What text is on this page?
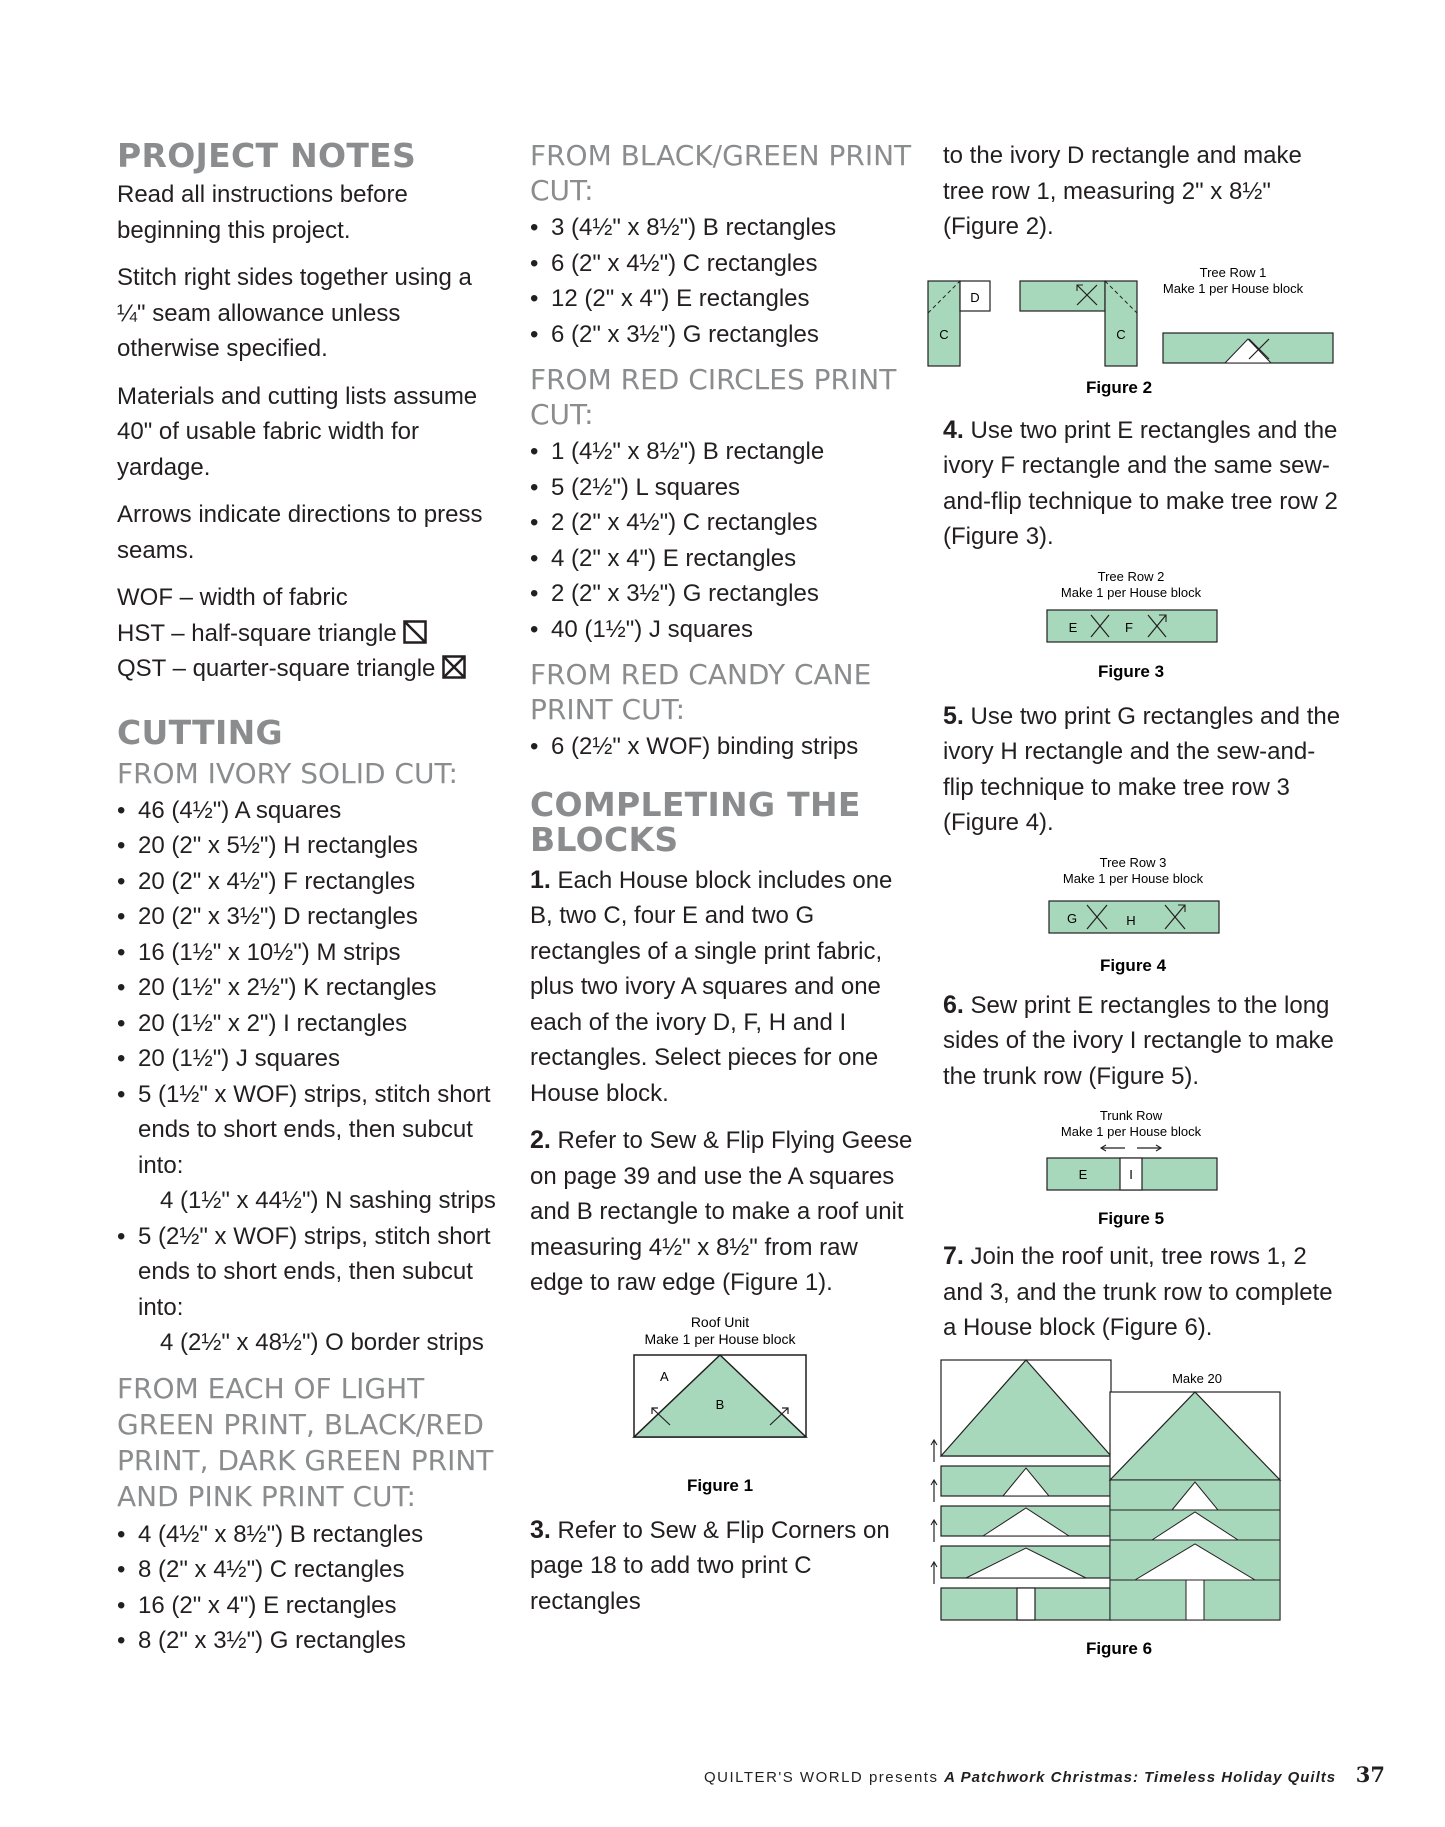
PROJECT NOTES

Read all instructions before beginning this project.

Stitch right sides together using a ¼" seam allowance unless otherwise specified.

Materials and cutting lists assume 40" of usable fabric width for yardage.

Arrows indicate directions to press seams.

WOF – width of fabric
HST – half-square triangle
QST – quarter-square triangle

CUTTING
FROM IVORY SOLID CUT:
• 46 (4½") A squares
• 20 (2" x 5½") H rectangles
• 20 (2" x 4½") F rectangles
• 20 (2" x 3½") D rectangles
• 16 (1½" x 10½") M strips
• 20 (1½" x 2½") K rectangles
• 20 (1½" x 2") I rectangles
• 20 (1½") J squares
• 5 (1½" x WOF) strips, stitch short ends to short ends, then subcut into:
4 (1½" x 44½") N sashing strips
• 5 (2½" x WOF) strips, stitch short ends to short ends, then subcut into:
4 (2½" x 48½") O border strips
FROM EACH OF LIGHT GREEN PRINT, BLACK/RED PRINT, DARK GREEN PRINT AND PINK PRINT CUT:
• 4 (4½" x 8½") B rectangles
• 8 (2" x 4½") C rectangles
• 16 (2" x 4") E rectangles
• 8 (2" x 3½") G rectangles
FROM BLACK/GREEN PRINT CUT:
• 3 (4½" x 8½") B rectangles
• 6 (2" x 4½") C rectangles
• 12 (2" x 4") E rectangles
• 6 (2" x 3½") G rectangles
FROM RED CIRCLES PRINT CUT:
• 1 (4½" x 8½") B rectangle
• 5 (2½") L squares
• 2 (2" x 4½") C rectangles
• 4 (2" x 4") E rectangles
• 2 (2" x 3½") G rectangles
• 40 (1½") J squares
FROM RED CANDY CANE PRINT CUT:
• 6 (2½" x WOF) binding strips
COMPLETING THE BLOCKS
1. Each House block includes one B, two C, four E and two G rectangles of a single print fabric, plus two ivory A squares and one each of the ivory D, F, H and I rectangles. Select pieces for one House block.
2. Refer to Sew & Flip Flying Geese on page 39 and use the A squares and B rectangle to make a roof unit measuring 4½" x 8½" from raw edge to raw edge (Figure 1).
Roof Unit
Make 1 per House block
A
B
Figure 1
3. Refer to Sew & Flip Corners on page 18 to add two print C rectangles
to the ivory D rectangle and make tree row 1, measuring 2" x 8½" (Figure 2).
C
D
C
Tree Row 1
Make 1 per House block
Figure 2
4. Use two print E rectangles and the ivory F rectangle and the same sew-and-flip technique to make tree row 2 (Figure 3).
Tree Row 2
Make 1 per House block
E	F
Figure 3
5. Use two print G rectangles and the ivory H rectangle and the sew-and-flip technique to make tree row 3 (Figure 4).
Tree Row 3
Make 1 per House block
G	H
Figure 4
6. Sew print E rectangles to the long sides of the ivory I rectangle to make the trunk row (Figure 5).
Trunk Row
Make 1 per House block
E	I
Figure 5
7. Join the roof unit, tree rows 1, 2 and 3, and the trunk row to complete a House block (Figure 6).
Make 20
Figure 6
QUILTER'S WORLD presents A Patchwork Christmas: Timeless Holiday Quilts 37
